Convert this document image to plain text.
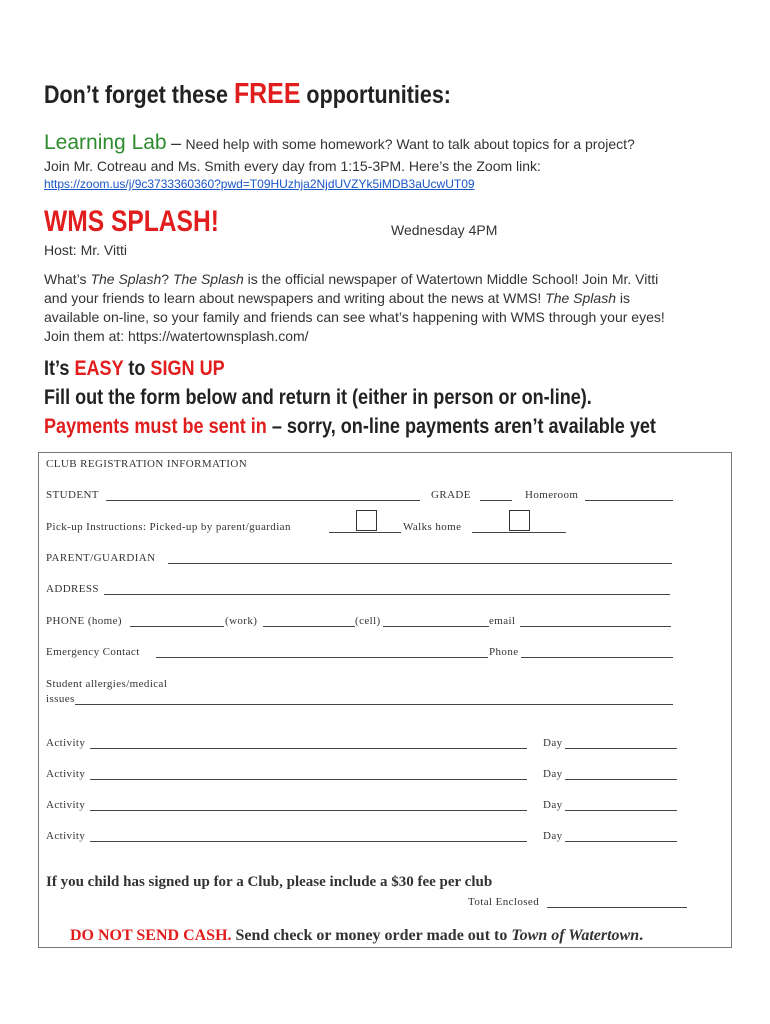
Don’t forget these FREE opportunities:
Learning Lab – Need help with some homework? Want to talk about topics for a project?
Join Mr. Cotreau and Ms. Smith every day from 1:15-3PM. Here’s the Zoom link:
https://zoom.us/j/9c3733360360?pwd=T09HUzhja2NjdUVZYk5iMDB3aUcwUT09
WMS SPLASH!	Wednesday 4PM
Host: Mr. Vitti
What’s The Splash? The Splash is the official newspaper of Watertown Middle School! Join Mr. Vitti
and your friends to learn about newspapers and writing about the news at WMS! The Splash is
available on-line, so your family and friends can see what’s happening with WMS through your eyes!
Join them at: https://watertownsplash.com/
It’s EASY to SIGN UP
Fill out the form below and return it (either in person or on-line).
Payments must be sent in – sorry, on-line payments aren’t available yet
CLUB REGISTRATION INFORMATION
STUDENT	GRADE	Homeroom
Pick-up Instructions: Picked-up by parent/guardian	Walks home
PARENT/GUARDIAN
ADDRESS
PHONE (home)	(work)	(cell)	email
Emergency Contact	Phone
Student allergies/medical
issues
Activity	Day
Activity	Day
Activity	Day
Activity	Day
If you child has signed up for a Club, please include a $30 fee per club
Total Enclosed
DO NOT SEND CASH. Send check or money order made out to Town of Watertown.
